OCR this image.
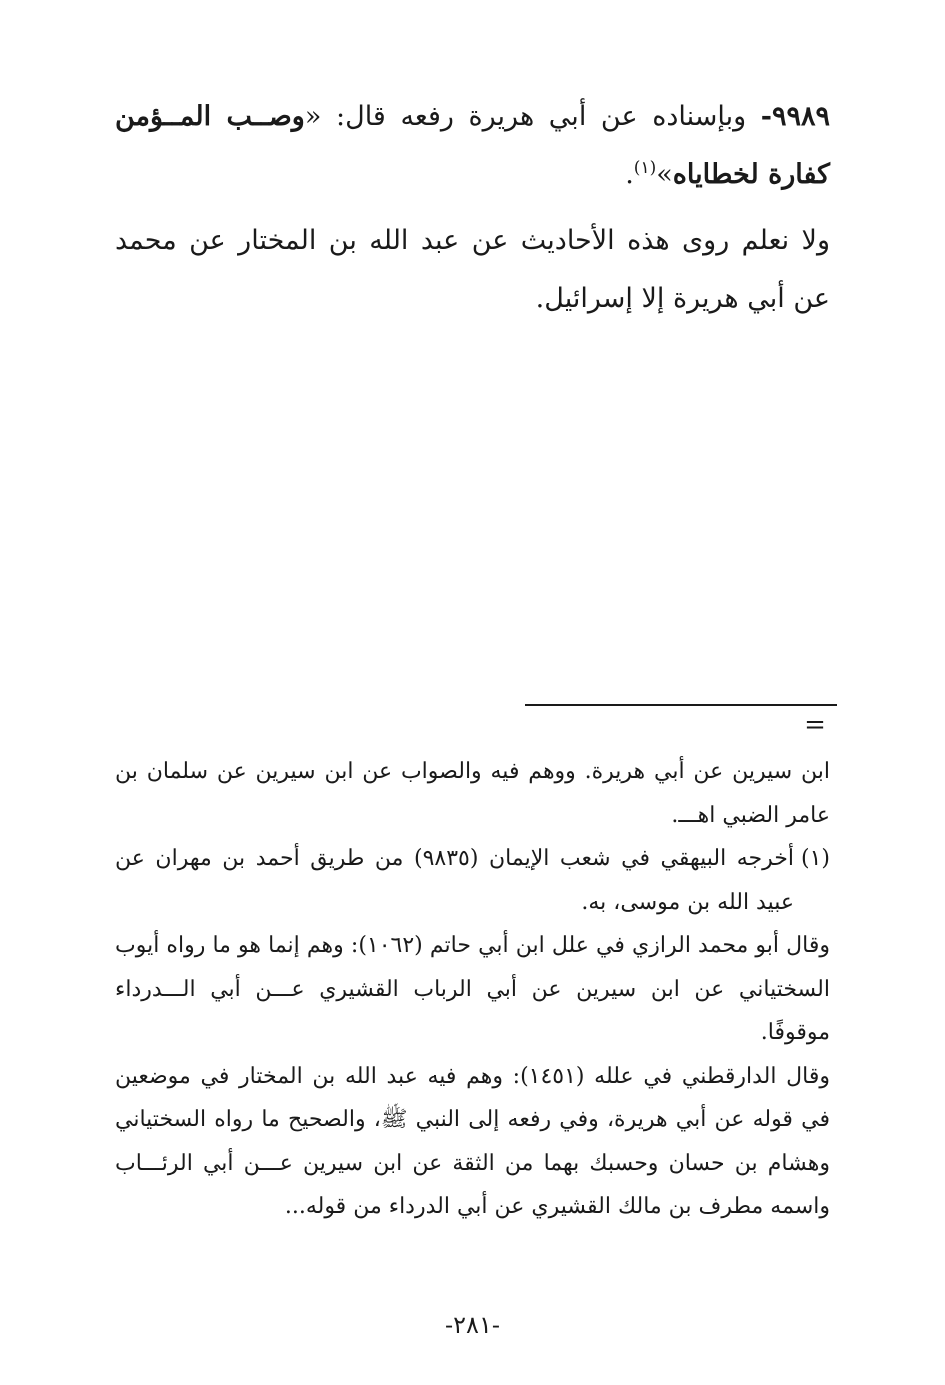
٩٩٨٩- وبإسناده عن أبي هريرة رفعه قال: «وصــب المــؤمن كفارة لخطاياه»$^{(١)}$.

ولا نعلم روى هذه الأحاديث عن عبد الله بن المختار عن محمد عن أبي هريرة إلا إسرائيل.

=

ابن سيرين عن أبي هريرة. ووهم فيه والصواب عن ابن سيرين عن سلمان بن عامر الضبي اهـــ.

(١)

أخرجه البيهقي في شعب الإيمان (٩٨٣٥) من طريق أحمد بن مهران عن عبيد الله بن موسى، به.

وقال أبو محمد الرازي في علل ابن أبي حاتم (١٠٦٢): وهم إنما هو ما رواه أيوب السختياني عن ابن سيرين عن أبي الرباب القشيري عـــن أبي الـــدرداء موقوفًا.

وقال الدارقطني في علله (١٤٥١): وهم فيه عبد الله بن المختار في موضعين في قوله عن أبي هريرة، وفي رفعه إلى النبي ﷺ، والصحيح ما رواه السختياني وهشام بن حسان وحسبك بهما من الثقة عن ابن سيرين عـــن أبي الرئـــاب واسمه مطرف بن مالك القشيري عن أبي الدرداء من قوله...

-٢٨١-
